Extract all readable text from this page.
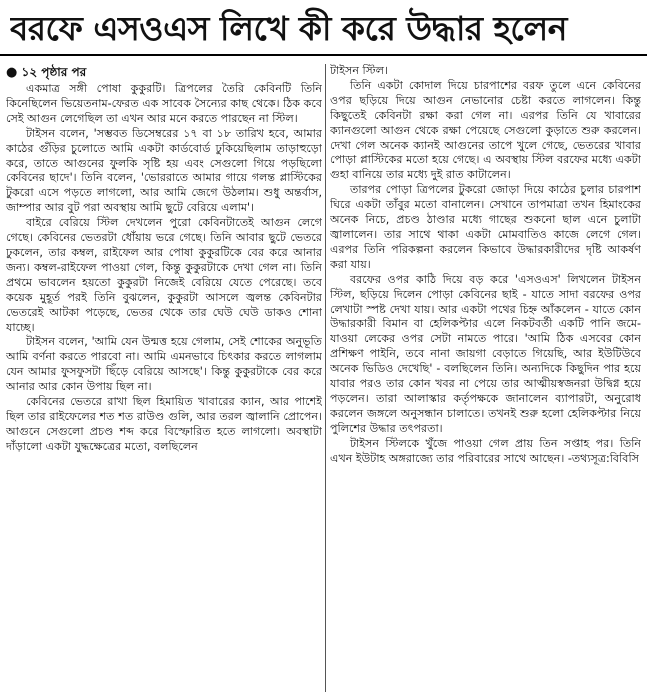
বরফে এসওএস লিখে কী করে উদ্ধার হলেন
● ১২ পৃষ্ঠার পর

একমাত্র সঙ্গী পোষা কুকুরটি। ত্রিপলের তৈরি কেবিনটি তিনি কিনেছিলেন ভিয়েতনাম-ফেরত এক সাবেক সৈন্যের কাছ থেকে। ঠিক কবে সেই আগুন লেগেছিল তা এখন আর মনে করতে পারছেন না স্টিল।

টাইসন বলেন, 'সম্ভবত ডিসেম্বরের ১৭ বা ১৮ তারিখ হবে, আমার কাঠের গুঁড়ির চুলোতে আমি একটা কার্ডবোর্ড ঢুকিয়েছিলাম তাড়াহুড়ো করে, তাতে আগুনের ফুলকি সৃষ্টি হয় এবং সেগুলো গিয়ে পড়ছিলো কেবিনের ছাদে'। তিনি বলেন, 'ভোররাতে আমার গায়ে গলন্ত প্লাস্টিকের টুকরো এসে পড়তে লাগলো, আর আমি জেগে উঠলাম। শুধু অন্তর্বাস, জাম্পার আর বুট পরা অবস্থায় আমি ছুটে বেরিয়ে এলাম'।

বাইরে বেরিয়ে স্টিল দেখলেন পুরো কেবিনটাতেই আগুন লেগে গেছে। কেবিনের ভেতরটা ধোঁয়ায় ভরে গেছে। তিনি আবার ছুটে ভেতরে ঢুকলেন, তার কম্বল, রাইফেল আর পোষা কুকুরটিকে বের করে আনার জন্য। কম্বল-রাইফেল পাওয়া গেল, কিন্তু কুকুরটাকে দেখা গেল না। তিনি প্রথমে ভাবলেন হয়তো কুকুরটা নিজেই বেরিয়ে যেতে পেরেছে। তবে কয়েক মুহূর্ত পরই তিনি বুঝলেন, কুকুরটা আসলে জ্বলন্ত কেবিনটার ভেতরেই আটকা পড়েছে, ভেতর থেকে তার ঘেউ ঘেউ ডাকও শোনা যাচ্ছে।

টাইসন বলেন, 'আমি যেন উন্মত্ত হয়ে গেলাম, সেই শোকের অনুভূতি আমি বর্ণনা করতে পারবো না। আমি এমনভাবে চিৎকার করতে লাগলাম যেন আমার ফুসফুসটা ছিঁড়ে বেরিয়ে আসছে'। কিন্তু কুকুরটাকে বের করে আনার আর কোন উপায় ছিল না।

কেবিনের ভেতরে রাখা ছিল হিমায়িত খাবারের ক্যান, আর পাশেই ছিল তার রাইফেলের শত শত রাউণ্ড গুলি, আর তরল জ্বালানি প্রোপেন। আগুনে সেগুলো প্রচণ্ড শব্দ করে বিস্ফোরিত হতে লাগলো। অবস্থাটা দাঁড়ালো একটা যুদ্ধক্ষেত্রের মতো, বলছিলেন

টাইসন স্টিল।

তিনি একটা কোদাল দিয়ে চারপাশের বরফ তুলে এনে কেবিনের ওপর ছড়িয়ে দিয়ে আগুন নেভানোর চেষ্টা করতে লাগলেন। কিন্তু কিছুতেই কেবিনটা রক্ষা করা গেল না। এরপর তিনি যে খাবারের ক্যানগুলো আগুন থেকে রক্ষা পেয়েছে সেগুলো কুড়াতে শুরু করলেন। দেখা গেল অনেক ক্যানই আগুনের তাপে খুলে গেছে, ভেতরের খাবার পোড়া প্লাস্টিকের মতো হয়ে গেছে। এ অবস্থায় স্টিল বরফের মধ্যে একটা গুহা বানিয়ে তার মধ্যে দুই রাত কাটালেন।

তারপর পোড়া ত্রিপলের টুকরো জোড়া দিয়ে কাঠের চুলার চারপাশ ঘিরে একটা তাঁবুর মতো বানালেন। সেখানে তাপমাত্রা তখন হিমাংকের অনেক নিচে, প্রচণ্ড ঠাণ্ডার মধ্যে গাছের শুকনো ছাল এনে চুলাটা জ্বালালেন। তার সাথে থাকা একটা মোমবাতিও কাজে লেগে গেল। এরপর তিনি পরিকল্পনা করলেন কিভাবে উদ্ধারকারীদের দৃষ্টি আকর্ষণ করা যায়।

বরফের ওপর কাঠি দিয়ে বড় করে 'এসওএস' লিখলেন টাইসন স্টিল, ছড়িয়ে দিলেন পোড়া কেবিনের ছাই - যাতে সাদা বরফের ওপর লেখাটা স্পষ্ট দেখা যায়। আর একটা পথের চিহ্ন আঁকলেন - যাতে কোন উদ্ধারকারী বিমান বা হেলিকপ্টার এলে নিকটবর্তী একটি পানি জমে-যাওয়া লেকের ওপর সেটা নামতে পারে। 'আমি ঠিক এসবের কোন প্রশিক্ষণ পাইনি, তবে নানা জায়গা বেড়াতে গিয়েছি, আর ইউটিউবে অনেক ভিডিও দেখেছি' - বলছিলেন তিনি। অন্যদিকে কিছুদিন পার হয়ে যাবার পরও তার কোন খবর না পেয়ে তার আত্মীয়স্বজনরা উদ্বিগ্ন হয়ে পড়লেন। তারা আলাস্কার কর্তৃপক্ষকে জানালেন ব্যাপারটা, অনুরোধ করলেন জঙ্গলে অনুসন্ধান চালাতে। তখনই শুরু হলো হেলিকপ্টার নিয়ে পুলিশের উদ্ধার তৎপরতা।

টাইসন স্টিলকে খুঁজে পাওয়া গেল প্রায় তিন সপ্তাহ পর। তিনি এখন ইউটাহ অঙ্গরাজ্যে তার পরিবারের সাথে আছেন। -তথ্যসূত্র:বিবিসি
